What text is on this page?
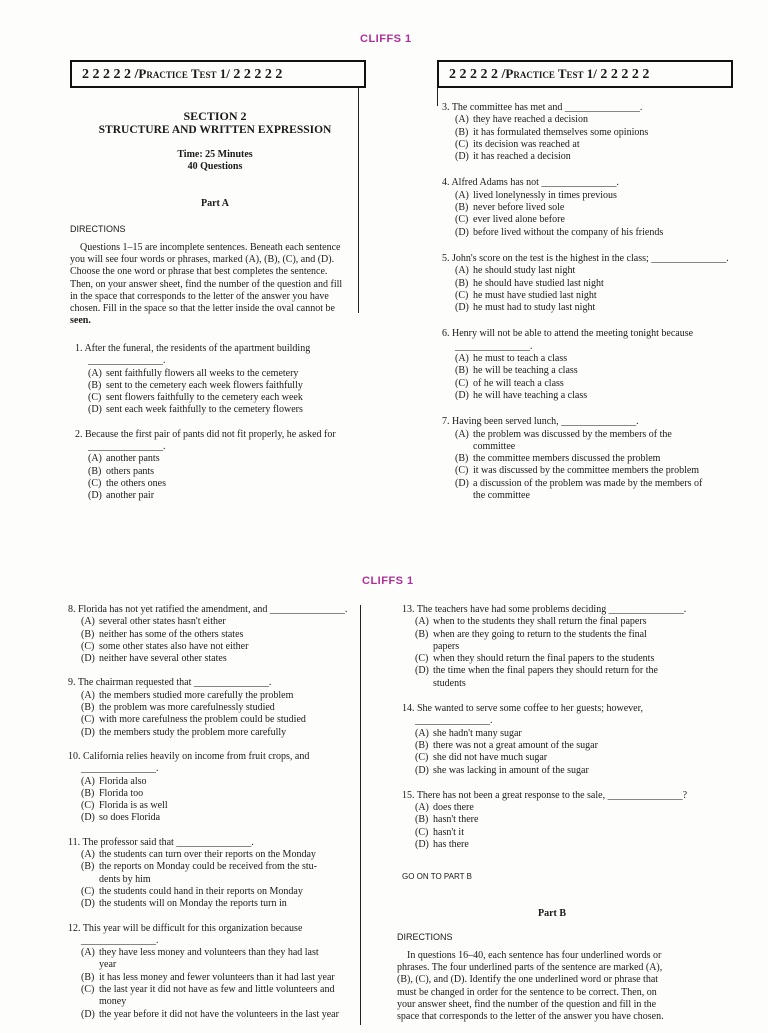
CLIFFS 1
2 2 2 2 2 /Practice Test 1/ 2 2 2 2 2	2 2 2 2 2 /Practice Test 1/ 2 2 2 2 2
SECTION 2
STRUCTURE AND WRITTEN EXPRESSION
Time: 25 Minutes
40 Questions
Part A
DIRECTIONS
Questions 1–15 are incomplete sentences. Beneath each sentence
you will see four words or phrases, marked (A), (B), (C), and (D).
Choose the one word or phrase that best completes the sentence.
Then, on your answer sheet, find the number of the question and fill
in the space that corresponds to the letter of the answer you have
chosen. Fill in the space so that the letter inside the oval cannot be
seen.
1. After the funeral, the residents of the apartment building
_______________.
(A) sent faithfully flowers all weeks to the cemetery
(B) sent to the cemetery each week flowers faithfully
(C) sent flowers faithfully to the cemetery each week
(D) sent each week faithfully to the cemetery flowers
2. Because the first pair of pants did not fit properly, he asked for
_______________.
(A) another pants
(B) others pants
(C) the others ones
(D) another pair
3. The committee has met and _______________.
(A) they have reached a decision
(B) it has formulated themselves some opinions
(C) its decision was reached at
(D) it has reached a decision
4. Alfred Adams has not _______________.
(A) lived lonelynessly in times previous
(B) never before lived sole
(C) ever lived alone before
(D) before lived without the company of his friends
5. John's score on the test is the highest in the class; _______________.
(A) he should study last night
(B) he should have studied last night
(C) he must have studied last night
(D) he must had to study last night
6. Henry will not be able to attend the meeting tonight because
_______________.
(A) he must to teach a class
(B) he will be teaching a class
(C) of he will teach a class
(D) he will have teaching a class
7. Having been served lunch, _______________.
(A) the problem was discussed by the members of the
committee
(B) the committee members discussed the problem
(C) it was discussed by the committee members the problem
(D) a discussion of the problem was made by the members of
the committee
CLIFFS 1
8. Florida has not yet ratified the amendment, and _______________.
(A) several other states hasn't either
(B) neither has some of the others states
(C) some other states also have not either
(D) neither have several other states
9. The chairman requested that _______________.
(A) the members studied more carefully the problem
(B) the problem was more carefulnessly studied
(C) with more carefulness the problem could be studied
(D) the members study the problem more carefully
10. California relies heavily on income from fruit crops, and
_______________.
(A) Florida also
(B) Florida too
(C) Florida is as well
(D) so does Florida
11. The professor said that _______________.
(A) the students can turn over their reports on the Monday
(B) the reports on Monday could be received from the stu-
dents by him
(C) the students could hand in their reports on Monday
(D) the students will on Monday the reports turn in
12. This year will be difficult for this organization because
_______________.
(A) they have less money and volunteers than they had last
year
(B) it has less money and fewer volunteers than it had last year
(C) the last year it did not have as few and little volunteers and
money
(D) the year before it did not have the volunteers in the last year
13. The teachers have had some problems deciding _______________.
(A) when to the students they shall return the final papers
(B) when are they going to return to the students the final
papers
(C) when they should return the final papers to the students
(D) the time when the final papers they should return for the
students
14. She wanted to serve some coffee to her guests; however,
_______________.
(A) she hadn't many sugar
(B) there was not a great amount of the sugar
(C) she did not have much sugar
(D) she was lacking in amount of the sugar
15. There has not been a great response to the sale, _______________?
(A) does there
(B) hasn't there
(C) hasn't it
(D) has there
GO ON TO PART B
Part B
DIRECTIONS
In questions 16–40, each sentence has four underlined words or
phrases. The four underlined parts of the sentence are marked (A),
(B), (C), and (D). Identify the one underlined word or phrase that
must be changed in order for the sentence to be correct. Then, on
your answer sheet, find the number of the question and fill in the
space that corresponds to the letter of the answer you have chosen.
